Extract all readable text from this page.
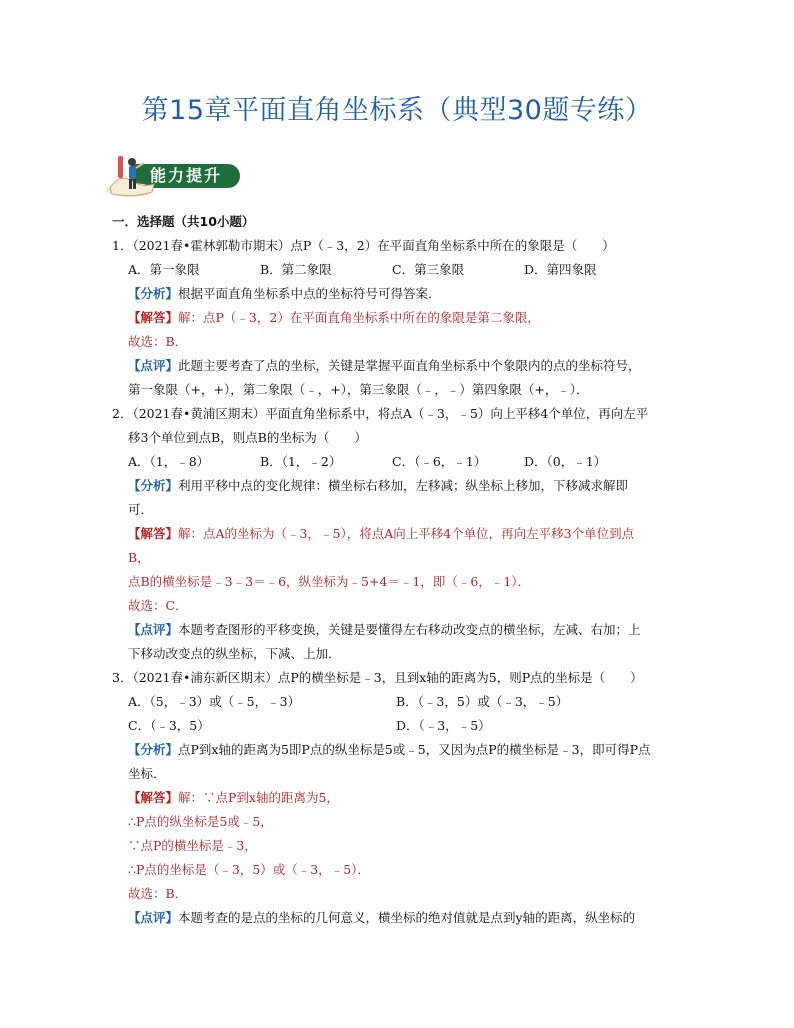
第15章平面直角坐标系（典型30题专练）
能力提升
一．选择题（共10小题）
1．（2021春•霍林郭勒市期末）点P（﹣3，2）在平面直角坐标系中所在的象限是（　　）
A．第一象限	B．第二象限	C．第三象限	D．第四象限
【分析】根据平面直角坐标系中点的坐标符号可得答案．
【解答】解：点P（﹣3，2）在平面直角坐标系中所在的象限是第二象限，
故选：B．
【点评】此题主要考查了点的坐标，关键是掌握平面直角坐标系中个象限内的点的坐标符号，
第一象限（+，+），第二象限（﹣，+），第三象限（﹣，﹣）第四象限（+，﹣）．
2．（2021春•黄浦区期末）平面直角坐标系中，将点A（﹣3，﹣5）向上平移4个单位，再向左平
移3个单位到点B，则点B的坐标为（　　）
A．（1，﹣8）	B．（1，﹣2）	C．（﹣6，﹣1）	D．（0，﹣1）
【分析】利用平移中点的变化规律：横坐标右移加，左移减；纵坐标上移加，下移减求解即
可．
【解答】解：点A的坐标为（﹣3，﹣5），将点A向上平移4个单位，再向左平移3个单位到点
B，
点B的横坐标是﹣3﹣3＝﹣6，纵坐标为﹣5+4＝﹣1，即（﹣6，﹣1）．
故选：C．
【点评】本题考查图形的平移变换，关键是要懂得左右移动改变点的横坐标，左减、右加；上
下移动改变点的纵坐标，下减、上加．
3．（2021春•浦东新区期末）点P的横坐标是﹣3，且到x轴的距离为5，则P点的坐标是（　　）
A．（5，﹣3）或（﹣5，﹣3）	B．（﹣3，5）或（﹣3，﹣5）
C．（﹣3，5）	D．（﹣3，﹣5）
【分析】点P到x轴的距离为5即P点的纵坐标是5或﹣5，又因为点P的横坐标是﹣3，即可得P点
坐标．
【解答】解：∵点P到x轴的距离为5，
∴P点的纵坐标是5或﹣5，
∵点P的横坐标是﹣3，
∴P点的坐标是（﹣3，5）或（﹣3，﹣5）．
故选：B．
【点评】本题考查的是点的坐标的几何意义，横坐标的绝对值就是点到y轴的距离，纵坐标的
